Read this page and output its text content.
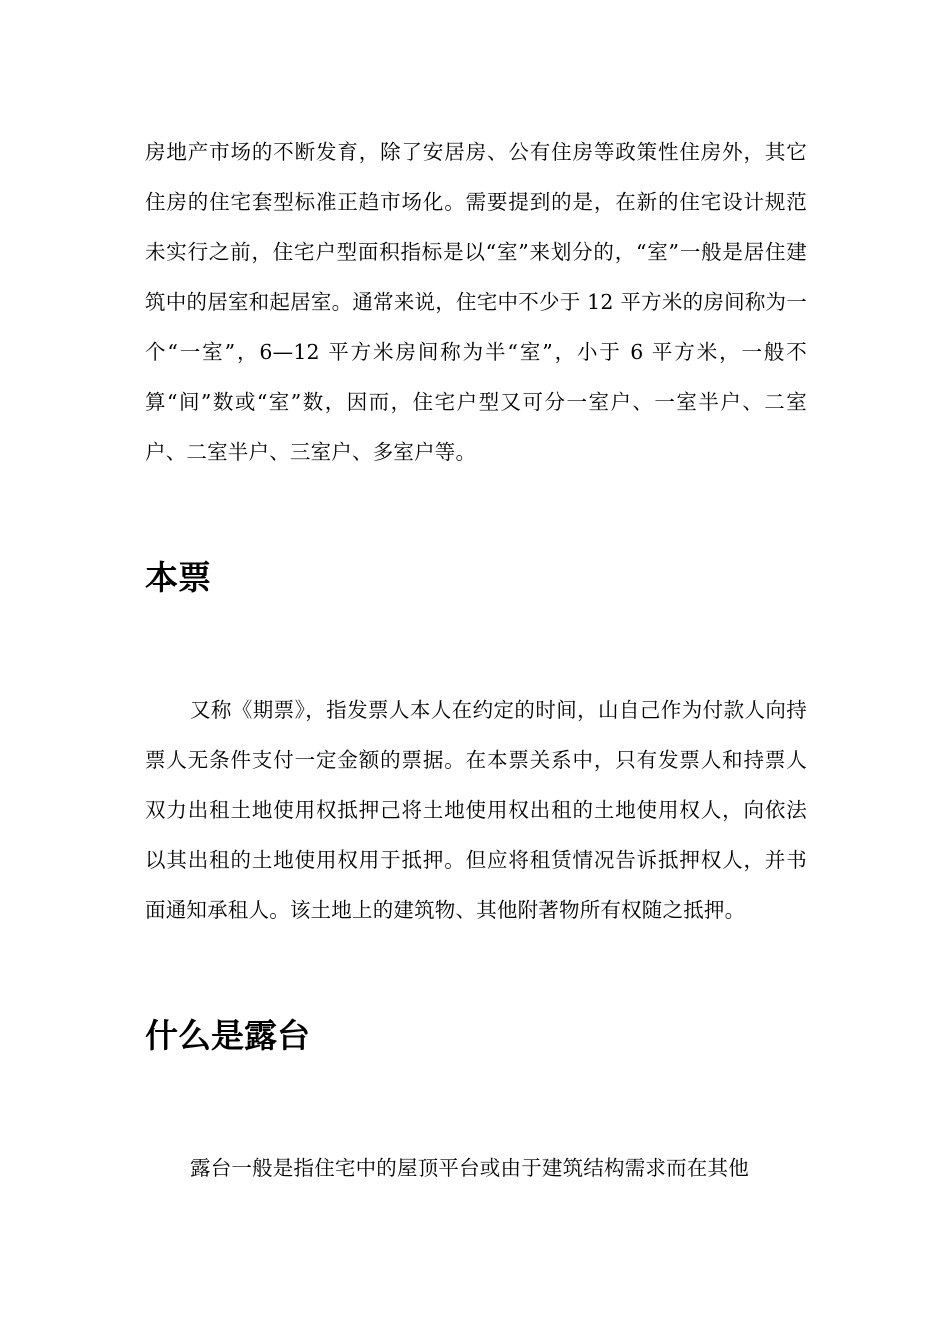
房地产市场的不断发育，除了安居房、公有住房等政策性住房外，其它住房的住宅套型标准正趋市场化。需要提到的是，在新的住宅设计规范未实行之前，住宅户型面积指标是以“室”来划分的，“室”一般是居住建筑中的居室和起居室。通常来说，住宅中不少于 12 平方米的房间称为一个“一室”，6—12 平方米房间称为半“室”，小于 6 平方米，一般不算“间”数或“室”数，因而，住宅户型又可分一室户、一室半户、二室户、二室半户、三室户、多室户等。

本票

又称《期票》，指发票人本人在约定的时间，山自己作为付款人向持票人无条件支付一定金额的票据。在本票关系中，只有发票人和持票人双力出租土地使用权抵押己将土地使用权出租的土地使用权人，向依法以其出租的土地使用权用于抵押。但应将租赁情况告诉抵押权人，并书面通知承租人。该土地上的建筑物、其他附著物所有权随之抵押。

什么是露台

露台一般是指住宅中的屋顶平台或由于建筑结构需求而在其他
